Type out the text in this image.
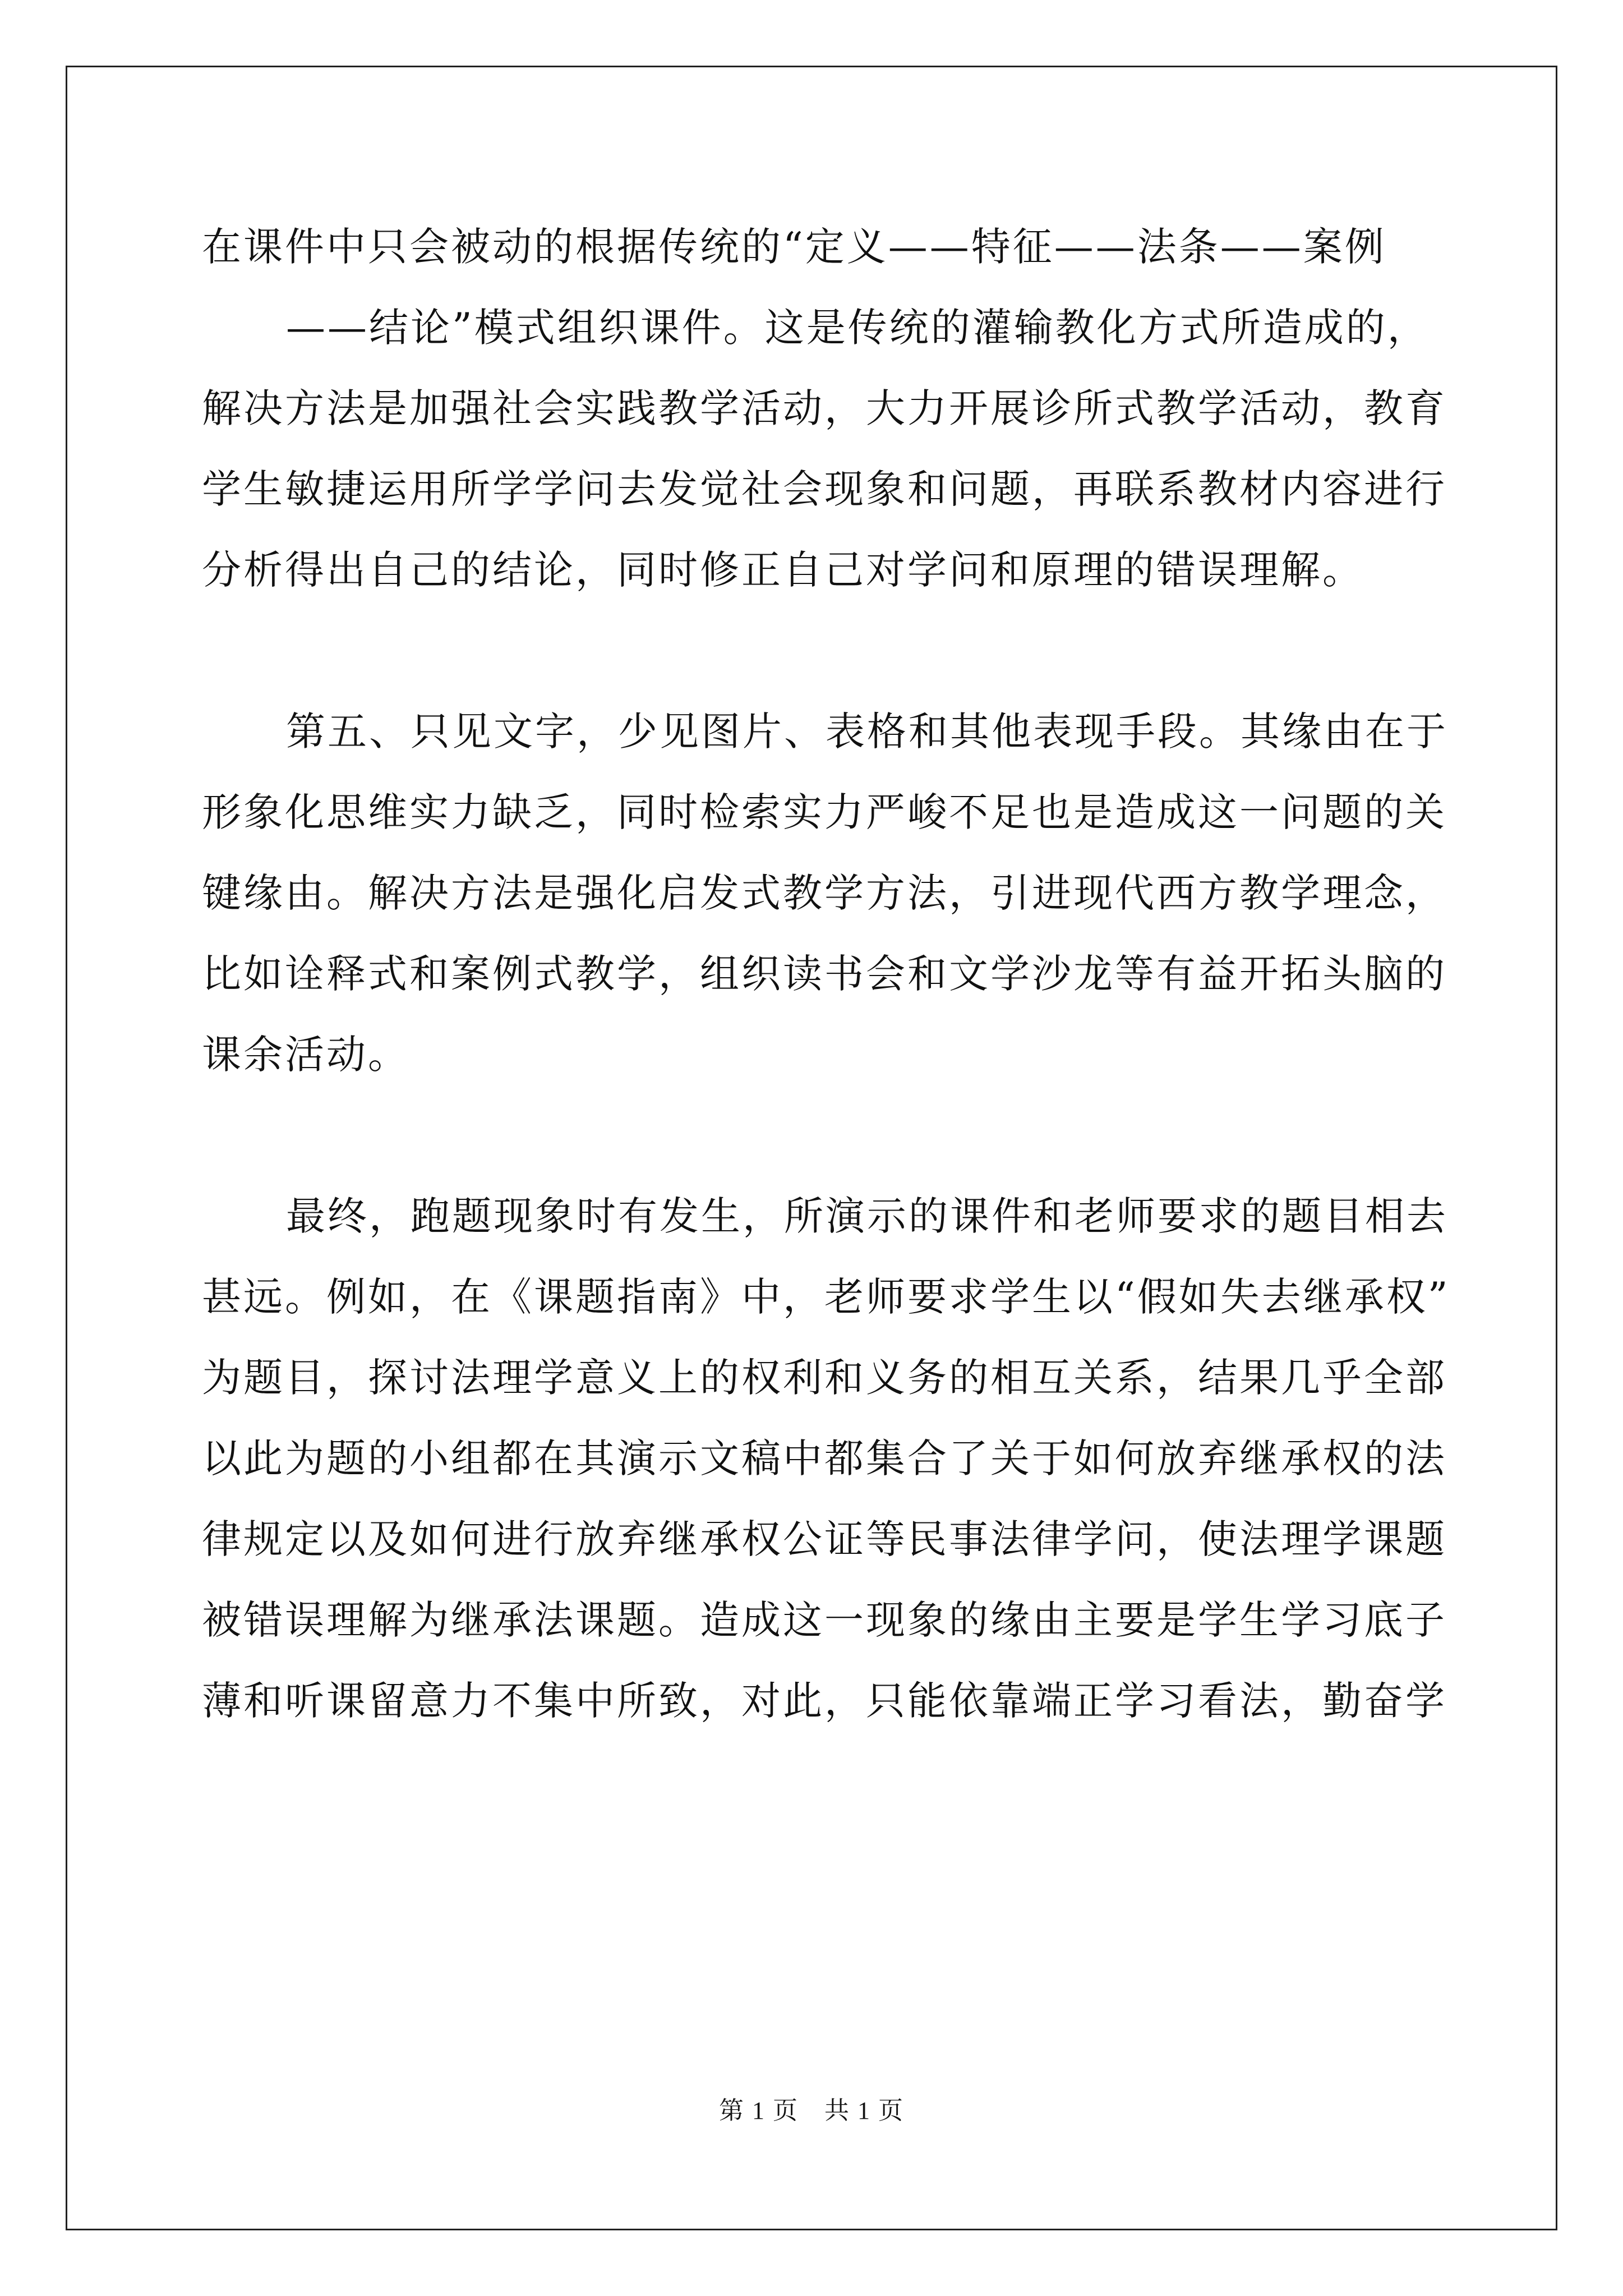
在课件中只会被动的根据传统的“定义——特征——法条——案例
——结论”模式组织课件。这是传统的灌输教化方式所造成的，
解决方法是加强社会实践教学活动，大力开展诊所式教学活动，教育
学生敏捷运用所学学问去发觉社会现象和问题，再联系教材内容进行
分析得出自己的结论，同时修正自己对学问和原理的错误理解。
第五、只见文字，少见图片、表格和其他表现手段。其缘由在于
形象化思维实力缺乏，同时检索实力严峻不足也是造成这一问题的关
键缘由。解决方法是强化启发式教学方法，引进现代西方教学理念，
比如诠释式和案例式教学，组织读书会和文学沙龙等有益开拓头脑的
课余活动。
最终，跑题现象时有发生，所演示的课件和老师要求的题目相去
甚远。例如，在《课题指南》中，老师要求学生以“假如失去继承权”
为题目，探讨法理学意义上的权利和义务的相互关系，结果几乎全部
以此为题的小组都在其演示文稿中都集合了关于如何放弃继承权的法
律规定以及如何进行放弃继承权公证等民事法律学问，使法理学课题
被错误理解为继承法课题。造成这一现象的缘由主要是学生学习底子
薄和听课留意力不集中所致，对此，只能依靠端正学习看法，勤奋学
第 1 页　共 1 页
